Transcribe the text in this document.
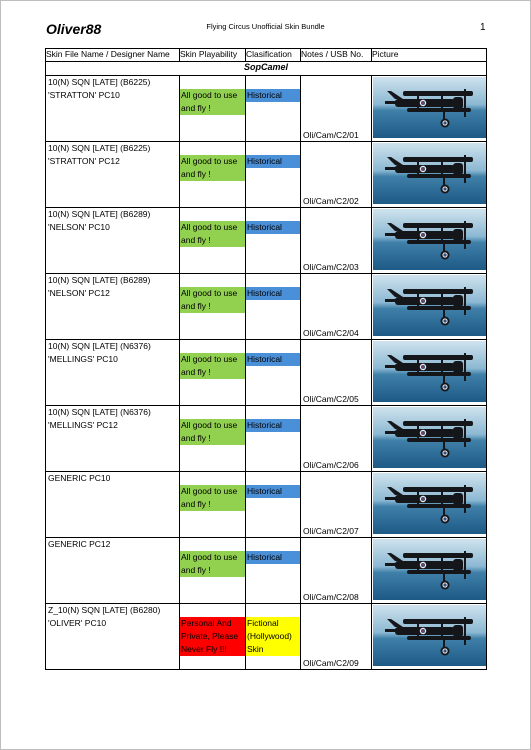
Oliver88	Flying Circus Unofficial Skin Bundle	1
Skin File Name / Designer Name	Skin Playability	Clasification	Notes / USB No.	Picture
SopCamel				

10(N) SQN [LATE] (B6225)
'STRATTON' PC10	All good to use and fly !	Historical	Oli/Cam/C2/01

10(N) SQN [LATE] (B6225)
'STRATTON' PC12	All good to use and fly !	Historical	Oli/Cam/C2/02

10(N) SQN [LATE] (B6289)
'NELSON' PC10	All good to use and fly !	Historical	Oli/Cam/C2/03

10(N) SQN [LATE] (B6289)
'NELSON' PC12	All good to use and fly !	Historical	Oli/Cam/C2/04

10(N) SQN [LATE] (N6376)
'MELLINGS' PC10	All good to use and fly !	Historical	Oli/Cam/C2/05

10(N) SQN [LATE] (N6376)
'MELLINGS' PC12	All good to use and fly !	Historical	Oli/Cam/C2/06

GENERIC PC10	All good to use and fly !	Historical	Oli/Cam/C2/07

GENERIC PC12	All good to use and fly !	Historical	Oli/Cam/C2/08

Z_10(N) SQN [LATE] (B6280)
'OLIVER' PC10	Personal And Private, Please Never Fly !!!	Fictional (Hollywood) Skin	Oli/Cam/C2/09
